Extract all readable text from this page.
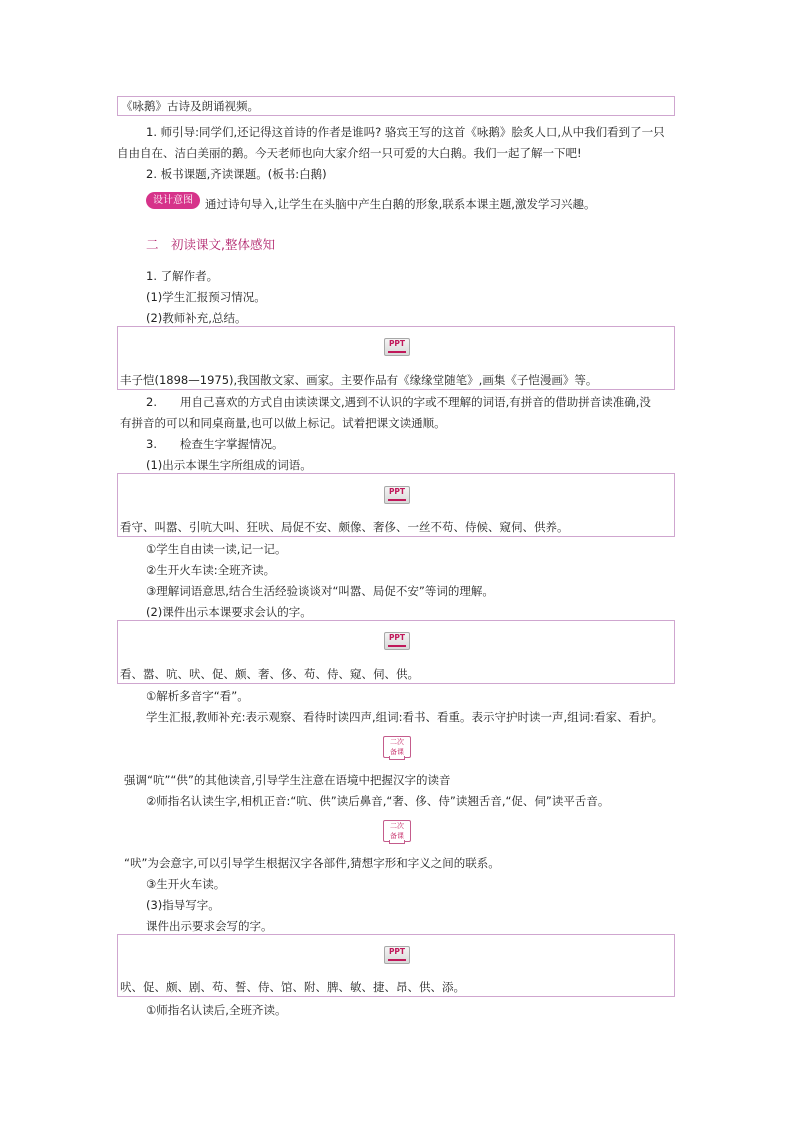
《咏鹅》古诗及朗诵视频。
1. 师引导:同学们,还记得这首诗的作者是谁吗? 骆宾王写的这首《咏鹅》脍炙人口,从中我们看到了一只
自由自在、洁白美丽的鹅。今天老师也向大家介绍一只可爱的大白鹅。我们一起了解一下吧!
2. 板书课题,齐读课题。(板书:白鹅)
设计意图	通过诗句导入,让学生在头脑中产生白鹅的形象,联系本课主题,激发学习兴趣。
二　初读课文,整体感知
1. 了解作者。
(1)学生汇报预习情况。
(2)教师补充,总结。
PPT
丰子恺(1898—1975),我国散文家、画家。主要作品有《缘缘堂随笔》,画集《子恺漫画》等。
2.　　用自己喜欢的方式自由读读课文,遇到不认识的字或不理解的词语,有拼音的借助拼音读准确,没
有拼音的可以和同桌商量,也可以做上标记。试着把课文读通顺。
3.　　检查生字掌握情况。
(1)出示本课生字所组成的词语。
PPT
看守、叫嚣、引吭大叫、狂吠、局促不安、颇像、奢侈、一丝不苟、侍候、窥伺、供养。
①学生自由读一读,记一记。
②生开火车读:全班齐读。
③理解词语意思,结合生活经验谈谈对“叫嚣、局促不安”等词的理解。
(2)课件出示本课要求会认的字。
PPT
看、嚣、吭、吠、促、颇、奢、侈、苟、侍、窥、伺、供。
①解析多音字“看”。
学生汇报,教师补充:表示观察、看待时读四声,组词:看书、看重。表示守护时读一声,组词:看家、看护。
二次
备课
强调“吭”“供”的其他读音,引导学生注意在语境中把握汉字的读音
②师指名认读生字,相机正音:“吭、供”读后鼻音,“奢、侈、侍”读翘舌音,“促、伺”读平舌音。
二次
备课
“吠”为会意字,可以引导学生根据汉字各部件,猜想字形和字义之间的联系。
③生开火车读。
(3)指导写字。
课件出示要求会写的字。
PPT
吠、促、颇、剧、苟、誓、侍、馆、附、脾、敏、捷、昂、供、添。
①师指名认读后,全班齐读。
